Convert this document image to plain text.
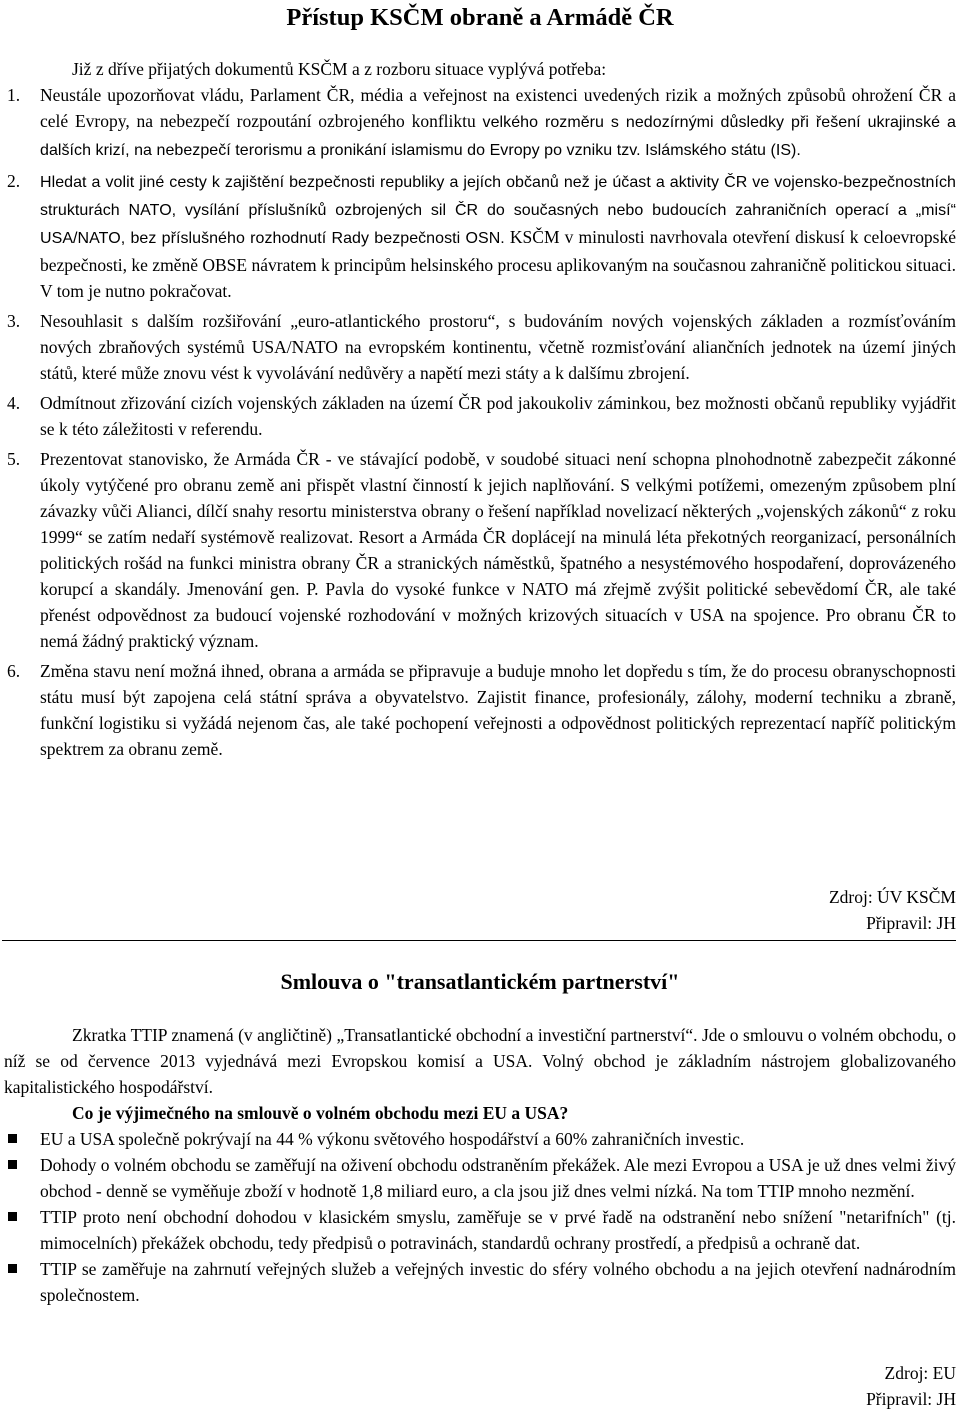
Přístup KSČM obraně a Armádě ČR

Již z dříve přijatých dokumentů KSČM a z rozboru situace vyplývá potřeba:

1. Neustále upozorňovat vládu, Parlament ČR, média a veřejnost na existenci uvedených rizik a možných způsobů ohrožení ČR a celé Evropy, na nebezpečí rozpoutání ozbrojeného konfliktu velkého rozměru s nedozírnými důsledky při řešení ukrajinské a dalších krizí, na nebezpečí terorismu a pronikání islamismu do Evropy po vzniku tzv. Islámského státu (IS).
2. Hledat a volit jiné cesty k zajištění bezpečnosti republiky a jejích občanů než je účast a aktivity ČR ve vojensko-bezpečnostních strukturách NATO, vysílání příslušníků ozbrojených sil ČR do současných nebo budoucích zahraničních operací a „misí“ USA/NATO, bez příslušného rozhodnutí Rady bezpečnosti OSN. KSČM v minulosti navrhovala otevření diskusí k celoevropské bezpečnosti, ke změně OBSE návratem k principům helsinského procesu aplikovaným na současnou zahraničně politickou situaci. V tom je nutno pokračovat.
3. Nesouhlasit s dalším rozšiřování „euro-atlantického prostoru“, s budováním nových vojenských základen a rozmísťováním nových zbraňových systémů USA/NATO na evropském kontinentu, včetně rozmisťování aliančních jednotek na území jiných států, které může znovu vést k vyvolávání nedůvěry a napětí mezi státy a k dalšímu zbrojení.
4. Odmítnout zřizování cizích vojenských základen na území ČR pod jakoukoliv záminkou, bez možnosti občanů republiky vyjádřit se k této záležitosti v referendu.
5. Prezentovat stanovisko, že Armáda ČR - ve stávající podobě, v soudobé situaci není schopna plnohodnotně zabezpečit zákonné úkoly vytýčené pro obranu země ani přispět vlastní činností k jejich naplňování. S velkými potížemi, omezeným způsobem plní závazky vůči Alianci, dílčí snahy resortu ministerstva obrany o řešení například novelizací některých „vojenských zákonů“ z roku 1999“ se zatím nedaří systémově realizovat. Resort a Armáda ČR doplácejí na minulá léta překotných reorganizací, personálních politických rošád na funkci ministra obrany ČR a stranických náměstků, špatného a nesystémového hospodaření, doprovázeného korupcí a skandály. Jmenování gen. P. Pavla do vysoké funkce v NATO má zřejmě zvýšit politické sebevědomí ČR, ale také přenést odpovědnost za budoucí vojenské rozhodování v možných krizových situacích v USA na spojence. Pro obranu ČR to nemá žádný praktický význam.
6. Změna stavu není možná ihned, obrana a armáda se připravuje a buduje mnoho let dopředu s tím, že do procesu obranyschopnosti státu musí být zapojena celá státní správa a obyvatelstvo. Zajistit finance, profesionály, zálohy, moderní techniku a zbraně, funkční logistiku si vyžádá nejenom čas, ale také pochopení veřejnosti a odpovědnost politických reprezentací napříč politickým spektrem za obranu země.
Zdroj: ÚV KSČM
Připravil: JH
Smlouva o "transatlantickém partnerství"

Zkratka TTIP znamená (v angličtině) „Transatlantické obchodní a investiční partnerství“. Jde o smlouvu o volném obchodu, o níž se od července 2013 vyjednává mezi Evropskou komisí a USA. Volný obchod je základním nástrojem globalizovaného kapitalistického hospodářství.

Co je výjimečného na smlouvě o volném obchodu mezi EU a USA?
EU a USA společně pokrývají na 44 % výkonu světového hospodářství a 60% zahraničních investic.
Dohody o volném obchodu se zaměřují na oživení obchodu odstraněním překážek. Ale mezi Evropou a USA je už dnes velmi živý obchod - denně se vyměňuje zboží v hodnotě 1,8 miliard euro, a cla jsou již dnes velmi nízká. Na tom TTIP mnoho nezmění.
TTIP proto není obchodní dohodou v klasickém smyslu, zaměřuje se v prvé řadě na odstranění nebo snížení "netarifních" (tj. mimocelních) překážek obchodu, tedy předpisů o potravinách, standardů ochrany prostředí, a předpisů a ochraně dat.
TTIP se zaměřuje na zahrnutí veřejných služeb a veřejných investic do sféry volného obchodu a na jejich otevření nadnárodním společnostem.
Zdroj: EU
Připravil: JH
